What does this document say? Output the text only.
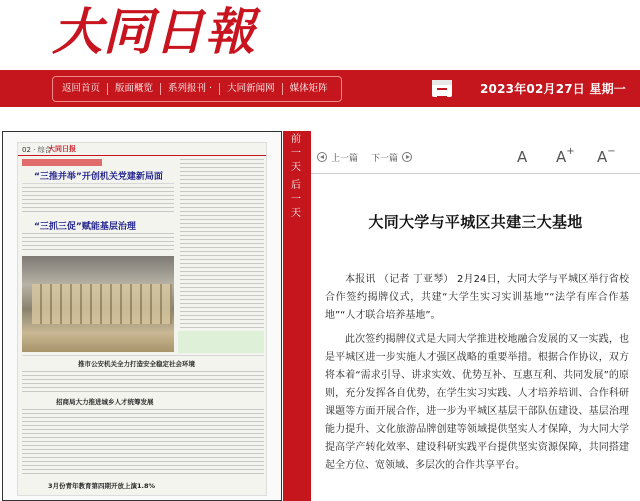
大同日報
返回首页	版面概览	系列报刊 ·	大同新闻网	媒体矩阵	2023年02月27日 星期一
02 · 综合
大同日报
“三推并举”开创机关党建新局面
“三抓三促”赋能基层治理
推市公安机关全力打造安全稳定社会环境
招商局大力推进城乡人才统筹发展
3月份青年教育第四期开放上演1.8%
前一天
后一天
上一篇 下一篇	A A+ A−
大同大学与平城区共建三大基地

本报讯 （记者 丁亚琴） 2月24日，大同大学与平城区举行省校合作签约揭牌仪式，共建“大学生实习实训基地”“法学有库合作基地”“人才联合培养基地”。

此次签约揭牌仪式是大同大学推进校地融合发展的又一实践，也是平城区进一步实施人才强区战略的重要举措。根据合作协议，双方将本着“需求引导、讲求实效、优势互补、互惠互利、共同发展”的原则，充分发挥各自优势，在学生实习实践、人才培养培训、合作科研课题等方面开展合作，进一步为平城区基层干部队伍建设、基层治理能力提升、文化旅游品牌创建等领域提供坚实人才保障，为大同大学提高学产转化效率、建设科研实践平台提供坚实资源保障，共同搭建起全方位、宽领域、多层次的合作共享平台。
